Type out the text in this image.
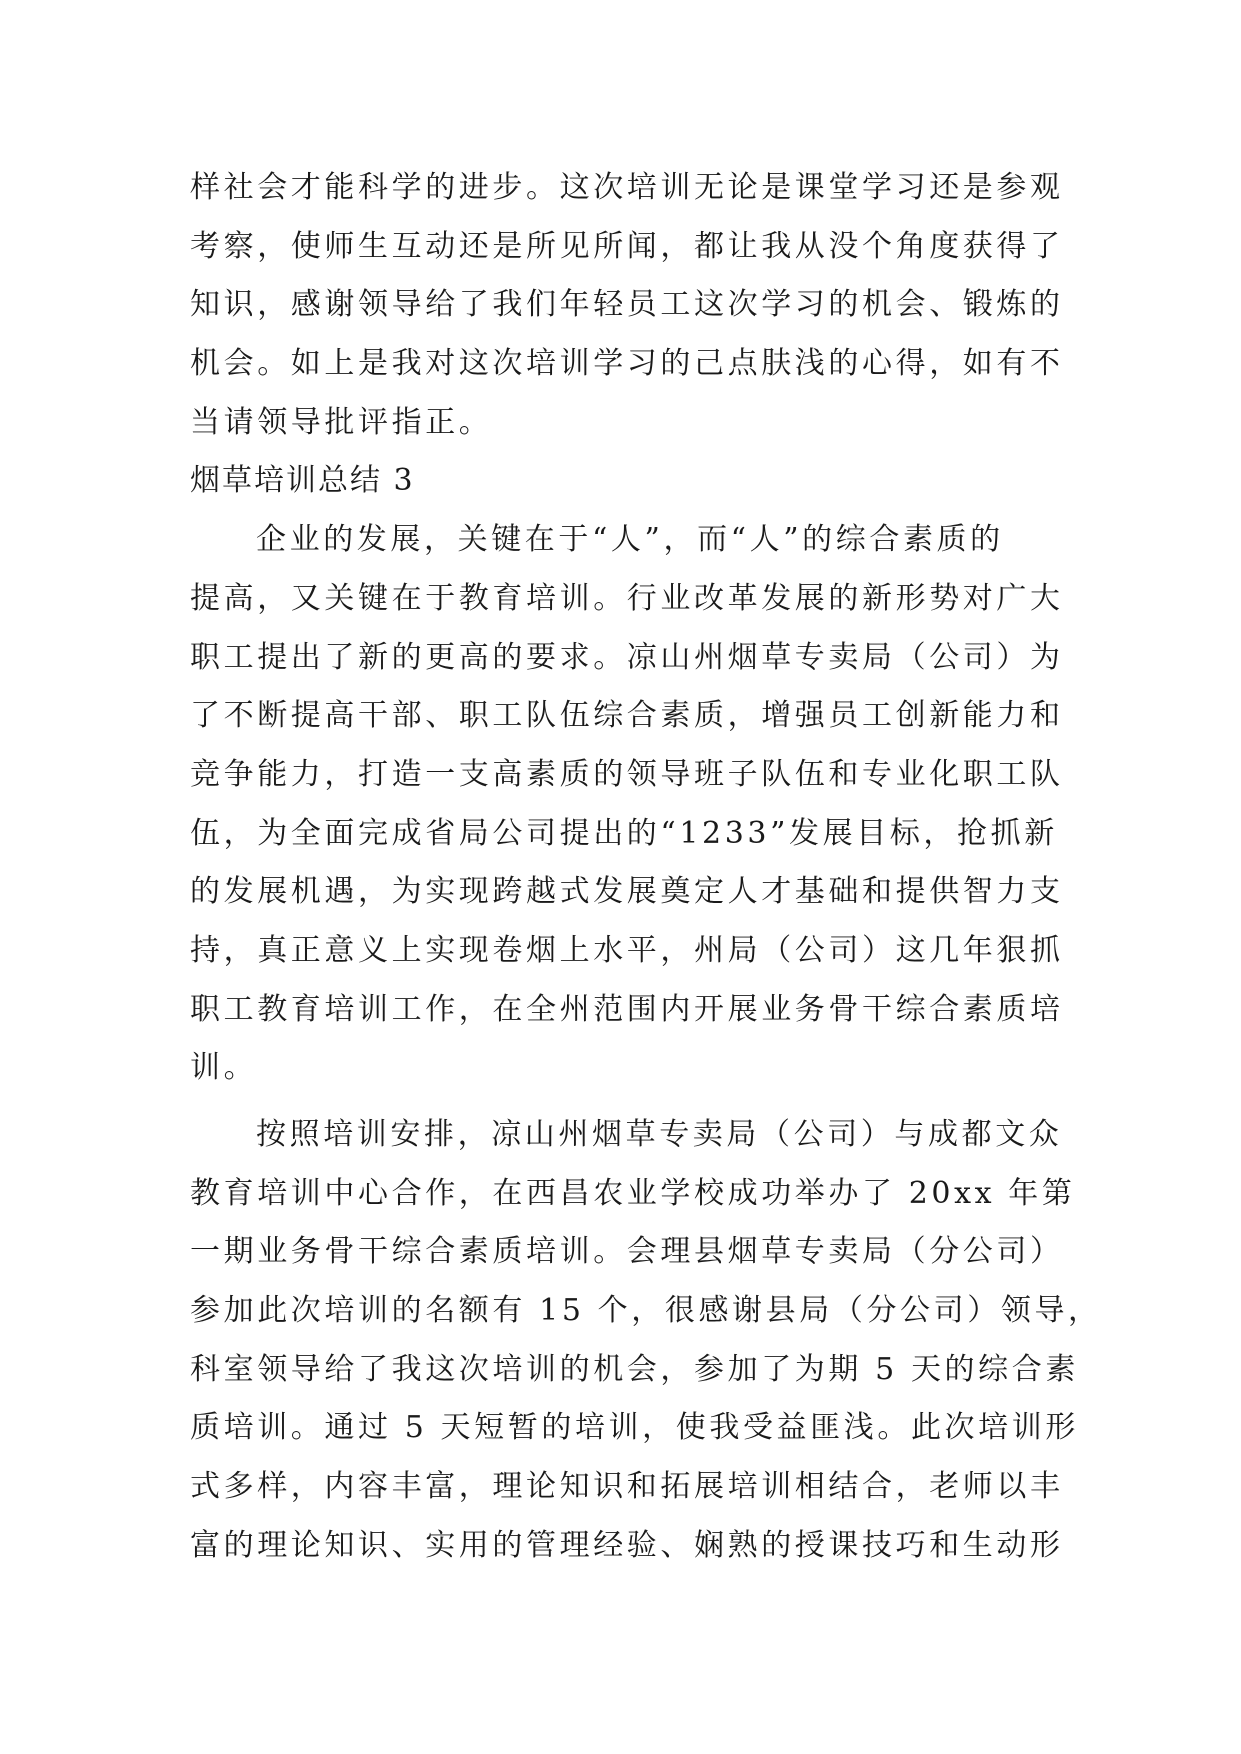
样社会才能科学的进步。这次培训无论是课堂学习还是参观
考察，使师生互动还是所见所闻，都让我从没个角度获得了
知识，感谢领导给了我们年轻员工这次学习的机会、锻炼的
机会。如上是我对这次培训学习的己点肤浅的心得，如有不
当请领导批评指正。
烟草培训总结 3
企业的发展，关键在于“人”，而“人”的综合素质的
提高，又关键在于教育培训。行业改革发展的新形势对广大
职工提出了新的更高的要求。凉山州烟草专卖局（公司）为
了不断提高干部、职工队伍综合素质，增强员工创新能力和
竞争能力，打造一支高素质的领导班子队伍和专业化职工队
伍，为全面完成省局公司提出的“1233”发展目标，抢抓新
的发展机遇，为实现跨越式发展奠定人才基础和提供智力支
持，真正意义上实现卷烟上水平，州局（公司）这几年狠抓
职工教育培训工作，在全州范围内开展业务骨干综合素质培
训。
按照培训安排，凉山州烟草专卖局（公司）与成都文众
教育培训中心合作，在西昌农业学校成功举办了 20xx 年第
一期业务骨干综合素质培训。会理县烟草专卖局（分公司）
参加此次培训的名额有 15 个，很感谢县局（分公司）领导，
科室领导给了我这次培训的机会，参加了为期 5 天的综合素
质培训。通过 5 天短暂的培训，使我受益匪浅。此次培训形
式多样，内容丰富，理论知识和拓展培训相结合，老师以丰
富的理论知识、实用的管理经验、娴熟的授课技巧和生动形
